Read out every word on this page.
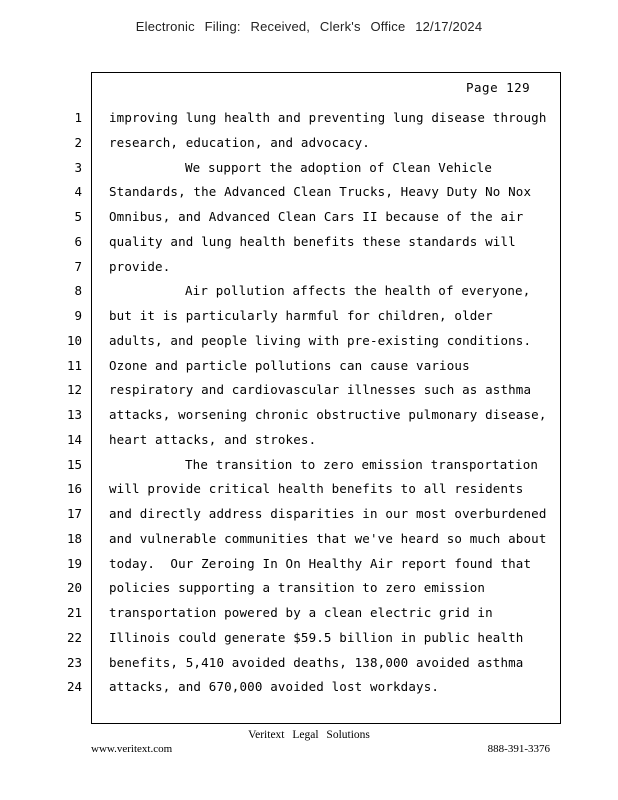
Electronic Filing: Received, Clerk's Office 12/17/2024
Page 129
1 improving lung health and preventing lung disease through
2 research, education, and advocacy.
3	We support the adoption of Clean Vehicle
4 Standards, the Advanced Clean Trucks, Heavy Duty No Nox
5 Omnibus, and Advanced Clean Cars II because of the air
6 quality and lung health benefits these standards will
7 provide.
8	Air pollution affects the health of everyone,
9 but it is particularly harmful for children, older
10 adults, and people living with pre-existing conditions.
11 Ozone and particle pollutions can cause various
12 respiratory and cardiovascular illnesses such as asthma
13 attacks, worsening chronic obstructive pulmonary disease,
14 heart attacks, and strokes.
15	The transition to zero emission transportation
16 will provide critical health benefits to all residents
17 and directly address disparities in our most overburdened
18 and vulnerable communities that we've heard so much about
19 today.  Our Zeroing In On Healthy Air report found that
20 policies supporting a transition to zero emission
21 transportation powered by a clean electric grid in
22 Illinois could generate $59.5 billion in public health
23 benefits, 5,410 avoided deaths, 138,000 avoided asthma
24 attacks, and 670,000 avoided lost workdays.
Veritext Legal Solutions
www.veritext.com	888-391-3376
